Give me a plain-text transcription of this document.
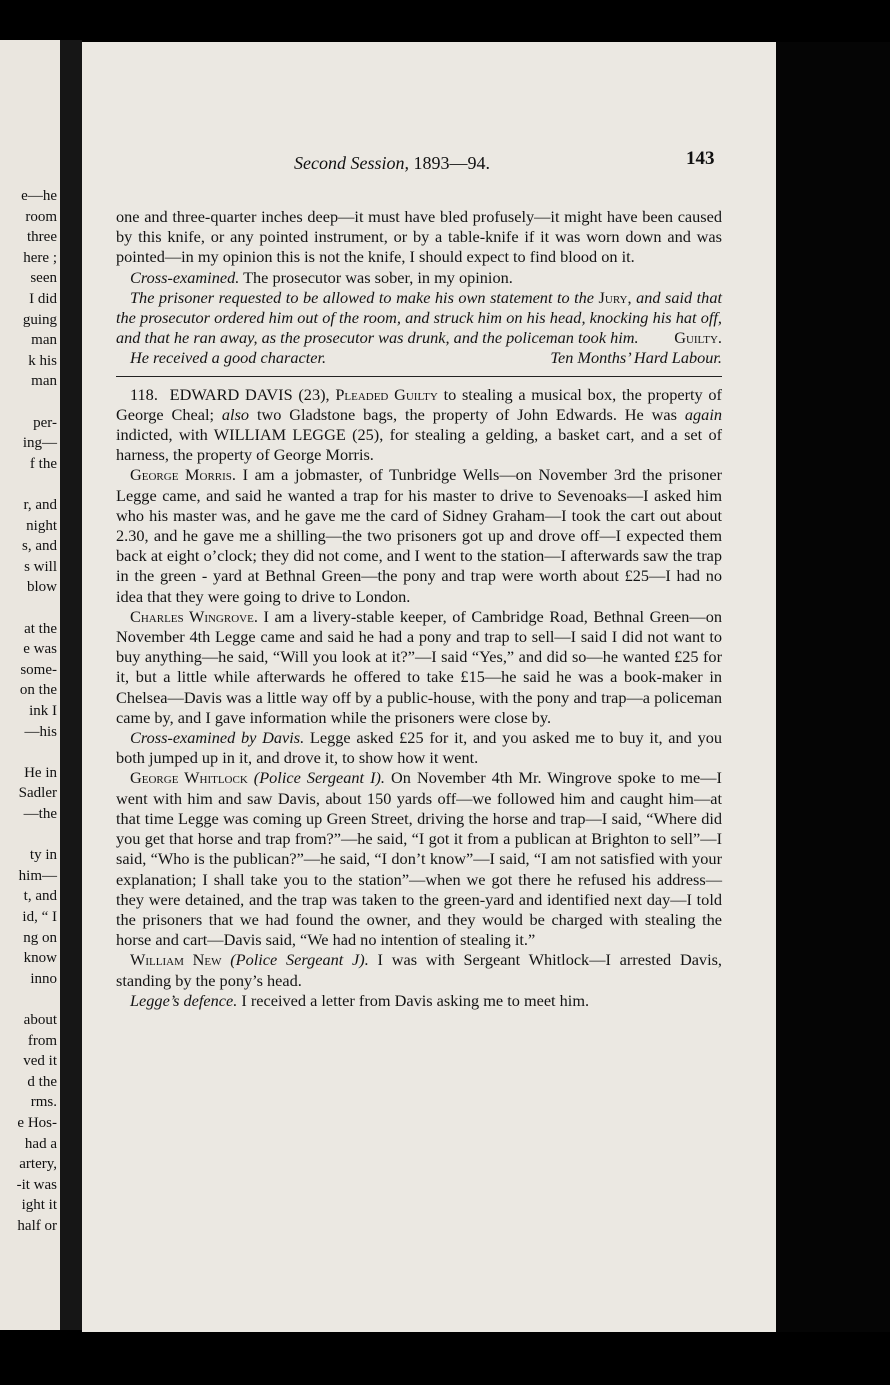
e—he
room
three
here ;
seen
I did
guing
man
k his
man
per-
ing—
f the
r, and
night
s, and
s will
blow
at the
e was
some-
on the
ink I
—his
He in
Sadler
—the
ty in
him—
t, and
id, “ I
ng on
know
inno
about
from
ved it
d the
rms.
e Hos-
had a
artery,
-it was
ight it
half or
Second Session, 1893—94.	143

one and three-quarter inches deep—it must have bled profusely—it might have been caused by this knife, or any pointed instrument, or by a table-knife if it was worn down and was pointed—in my opinion this is not the knife, I should expect to find blood on it.

Cross-examined. The prosecutor was sober, in my opinion.

The prisoner requested to be allowed to make his own statement to the Jury, and said that the prosecutor ordered him out of the room, and struck him on his head, knocking his hat off, and that he ran away, as the prosecutor was drunk, and the policeman took him.	Guilty.

He received a good character.	Ten Months’ Hard Labour.

118. EDWARD DAVIS (23), Pleaded Guilty to stealing a musical box, the property of George Cheal; also two Gladstone bags, the property of John Edwards. He was again indicted, with WILLIAM LEGGE (25), for stealing a gelding, a basket cart, and a set of harness, the property of George Morris.

George Morris. I am a jobmaster, of Tunbridge Wells—on November 3rd the prisoner Legge came, and said he wanted a trap for his master to drive to Sevenoaks—I asked him who his master was, and he gave me the card of Sidney Graham—I took the cart out about 2.30, and he gave me a shilling—the two prisoners got up and drove off—I expected them back at eight o’clock; they did not come, and I went to the station—I afterwards saw the trap in the green - yard at Bethnal Green—the pony and trap were worth about £25—I had no idea that they were going to drive to London.

Charles Wingrove. I am a livery-stable keeper, of Cambridge Road, Bethnal Green—on November 4th Legge came and said he had a pony and trap to sell—I said I did not want to buy anything—he said, “Will you look at it?”—I said “Yes,” and did so—he wanted £25 for it, but a little while afterwards he offered to take £15—he said he was a book-maker in Chelsea—Davis was a little way off by a public-house, with the pony and trap—a policeman came by, and I gave information while the prisoners were close by.

Cross-examined by Davis. Legge asked £25 for it, and you asked me to buy it, and you both jumped up in it, and drove it, to show how it went.

George Whitlock (Police Sergeant I). On November 4th Mr. Wingrove spoke to me—I went with him and saw Davis, about 150 yards off—we followed him and caught him—at that time Legge was coming up Green Street, driving the horse and trap—I said, “Where did you get that horse and trap from?”—he said, “I got it from a publican at Brighton to sell”—I said, “Who is the publican?”—he said, “I don’t know”—I said, “I am not satisfied with your explanation; I shall take you to the station”—when we got there he refused his address—they were detained, and the trap was taken to the green-yard and identified next day—I told the prisoners that we had found the owner, and they would be charged with stealing the horse and cart—Davis said, “We had no intention of stealing it.”

William New (Police Sergeant J). I was with Sergeant Whitlock—I arrested Davis, standing by the pony’s head.

Legge’s defence. I received a letter from Davis asking me to meet him.
